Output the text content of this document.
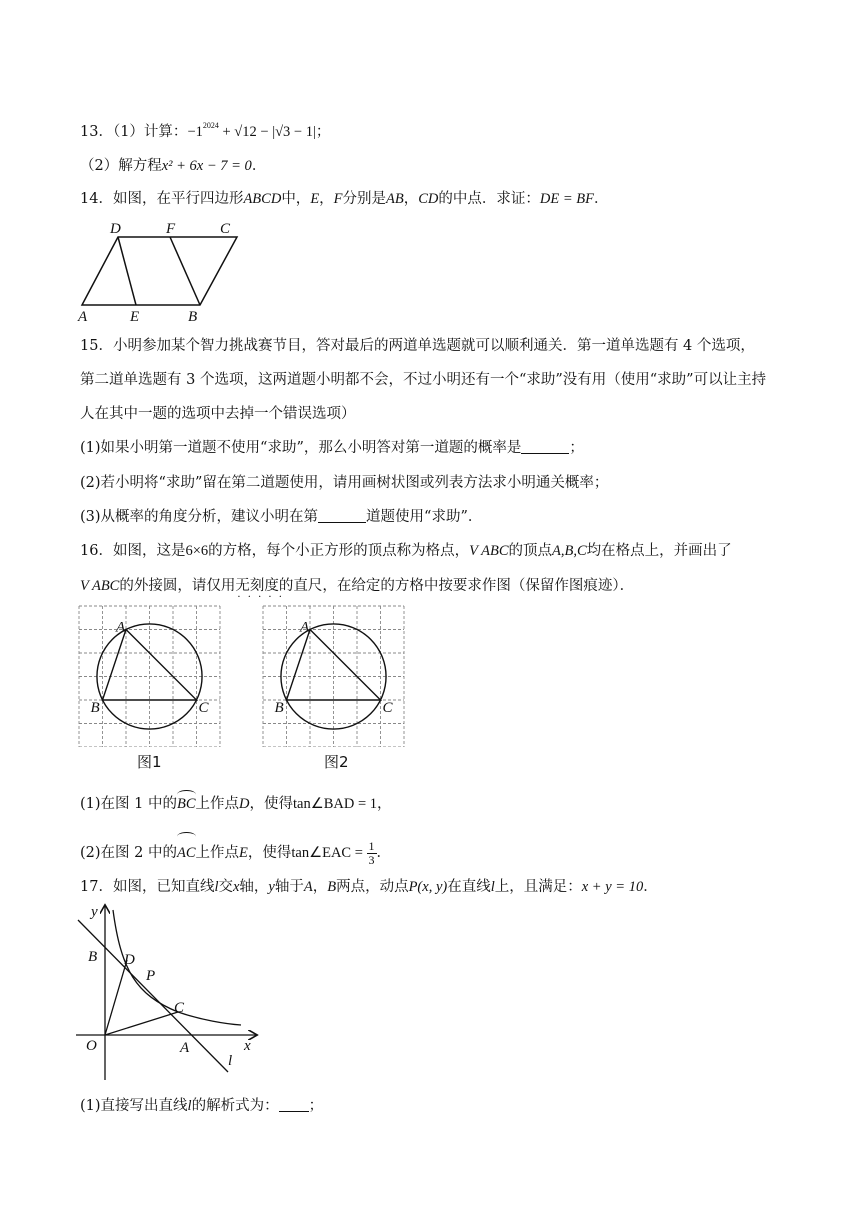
13．（1）计算：$-1^{2024} + √12 - |√3 - 1|$；
（2）解方程x² + 6x − 7 = 0．
14．如图，在平行四边形ABCD中，E，F分别是AB，CD的中点．求证：DE = BF．
D	F	C
A	E	B
15．小明参加某个智力挑战赛节目，答对最后的两道单选题就可以顺利通关．第一道单选题有 4 个选项，
第二道单选题有 3 个选项，这两道题小明都不会，不过小明还有一个“求助”没有用（使用“求助”可以让主持
人在其中一题的选项中去掉一个错误选项）
(1)如果小明第一道题不使用“求助”，那么小明答对第一道题的概率是	；
(2)若小明将“求助”留在第二道题使用，请用画树状图或列表方法求小明通关概率；
(3)从概率的角度分析，建议小明在第	道题使用“求助”．
16．如图，这是6×6的方格，每个小正方形的顶点称为格点，V ABC的顶点A,B,C均在格点上，并画出了
V ABC的外接圆，请仅用无刻度的直尺 · ·，在给定的方格中按要求作图（保留作图痕迹）．
A
B	C
A
B	C
图1	图2
(1)在图 1 中的BC上作点D，使得tan∠BAD = 1，
(2)在图 2 中的AC上作点E，使得tan∠EAC = $\frac{1}{3}$ ．
17．如图，已知直线l交x轴，y轴于A，B两点，动点P(x, y)在直线l上，且满足：x + y = 10．
y
B D
P
C
O	A	x
l
(1)直接写出直线l的解析式为： ；
